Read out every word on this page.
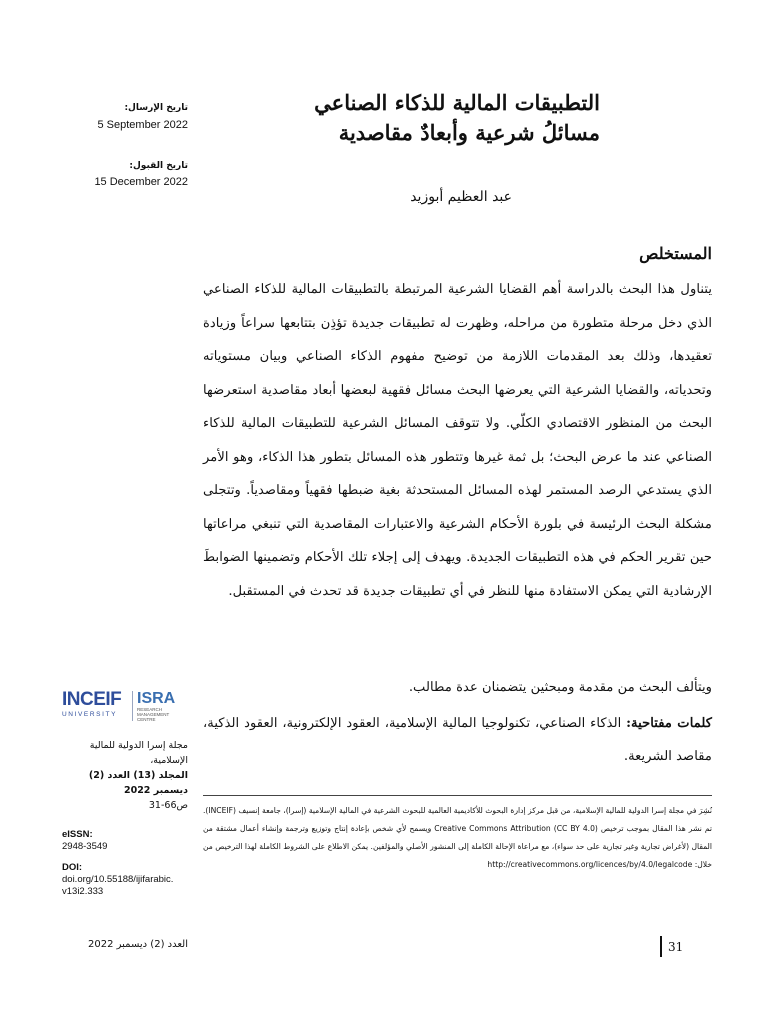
تاريخ الإرسال:
5 September 2022
تاريخ القبول:
15 December 2022
التطبيقات المالية للذكاء الصناعي
مسائلُ شرعية وأبعادٌ مقاصدية
عبد العظيم أبوزيد
المستخلص
يتناول هذا البحث بالدراسة أهم القضايا الشرعية المرتبطة بالتطبيقات المالية للذكاء الصناعي الذي دخل مرحلة متطورة من مراحله، وظهرت له تطبيقات جديدة تؤذِن بتتابعها سراعاً وزيادة تعقيدها، وذلك بعد المقدمات اللازمة من توضيح مفهوم الذكاء الصناعي وبيان مستوياته وتحدياته، والقضايا الشرعية التي يعرضها البحث مسائل فقهية لبعضها أبعاد مقاصدية استعرضها البحث من المنظور الاقتصادي الكلّي. ولا تتوقف المسائل الشرعية للتطبيقات المالية للذكاء الصناعي عند ما عرض البحث؛ بل ثمة غيرها وتتطور هذه المسائل بتطور هذا الذكاء، وهو الأمر الذي يستدعي الرصد المستمر لهذه المسائل المستحدثة بغية ضبطها فقهياً ومقاصدياً. وتتجلى مشكلة البحث الرئيسة في بلورة الأحكام الشرعية والاعتبارات المقاصدية التي تنبغي مراعاتها حين تقرير الحكم في هذه التطبيقات الجديدة. ويهدف إلى إجلاء تلك الأحكام وتضمينها الضوابطَ الإرشادية التي يمكن الاستفادة منها للنظر في أي تطبيقات جديدة قد تحدث في المستقبل.
ويتألف البحث من مقدمة ومبحثين يتضمنان عدة مطالب.
كلمات مفتاحية: الذكاء الصناعي، تكنولوجيا المالية الإسلامية، العقود الإلكترونية، العقود الذكية، مقاصد الشريعة.
نُشِرَ في مجلة إسرا الدولية للمالية الإسلامية، من قبل مركز إدارة البحوث للأكاديمية العالمية للبحوث الشرعية في المالية الإسلامية (إسرا)، جامعة إنسيف (INCEIF). تم نشر هذا المقال بموجب ترخيص Creative Commons Attribution (CC BY 4.0) ويسمح لأي شخص بإعادة إنتاج وتوزيع وترجمة وإنشاء أعمال مشتقة من المقال (لأغراض تجارية وغير تجارية على حد سواء)، مع مراعاة الإحالة الكاملة إلى المنشور الأصلي والمؤلفين. يمكن الاطلاع على الشروط الكاملة لهذا الترخيص من خلال: http://creativecommons.org/licences/by/4.0/legalcode
INCEIF
UNIVERSITY
ISRA
RESEARCH
MANAGEMENT
CENTRE
مجلة إسرا الدولية للمالية
الإسلامية،
المجلد (13) العدد (2)
ديسمبر 2022
ص66-31
eISSN:
2948-3549
DOI:
doi.org/10.55188/ijifarabic.
v13i2.333
العدد (2) ديسمبر 2022	31
